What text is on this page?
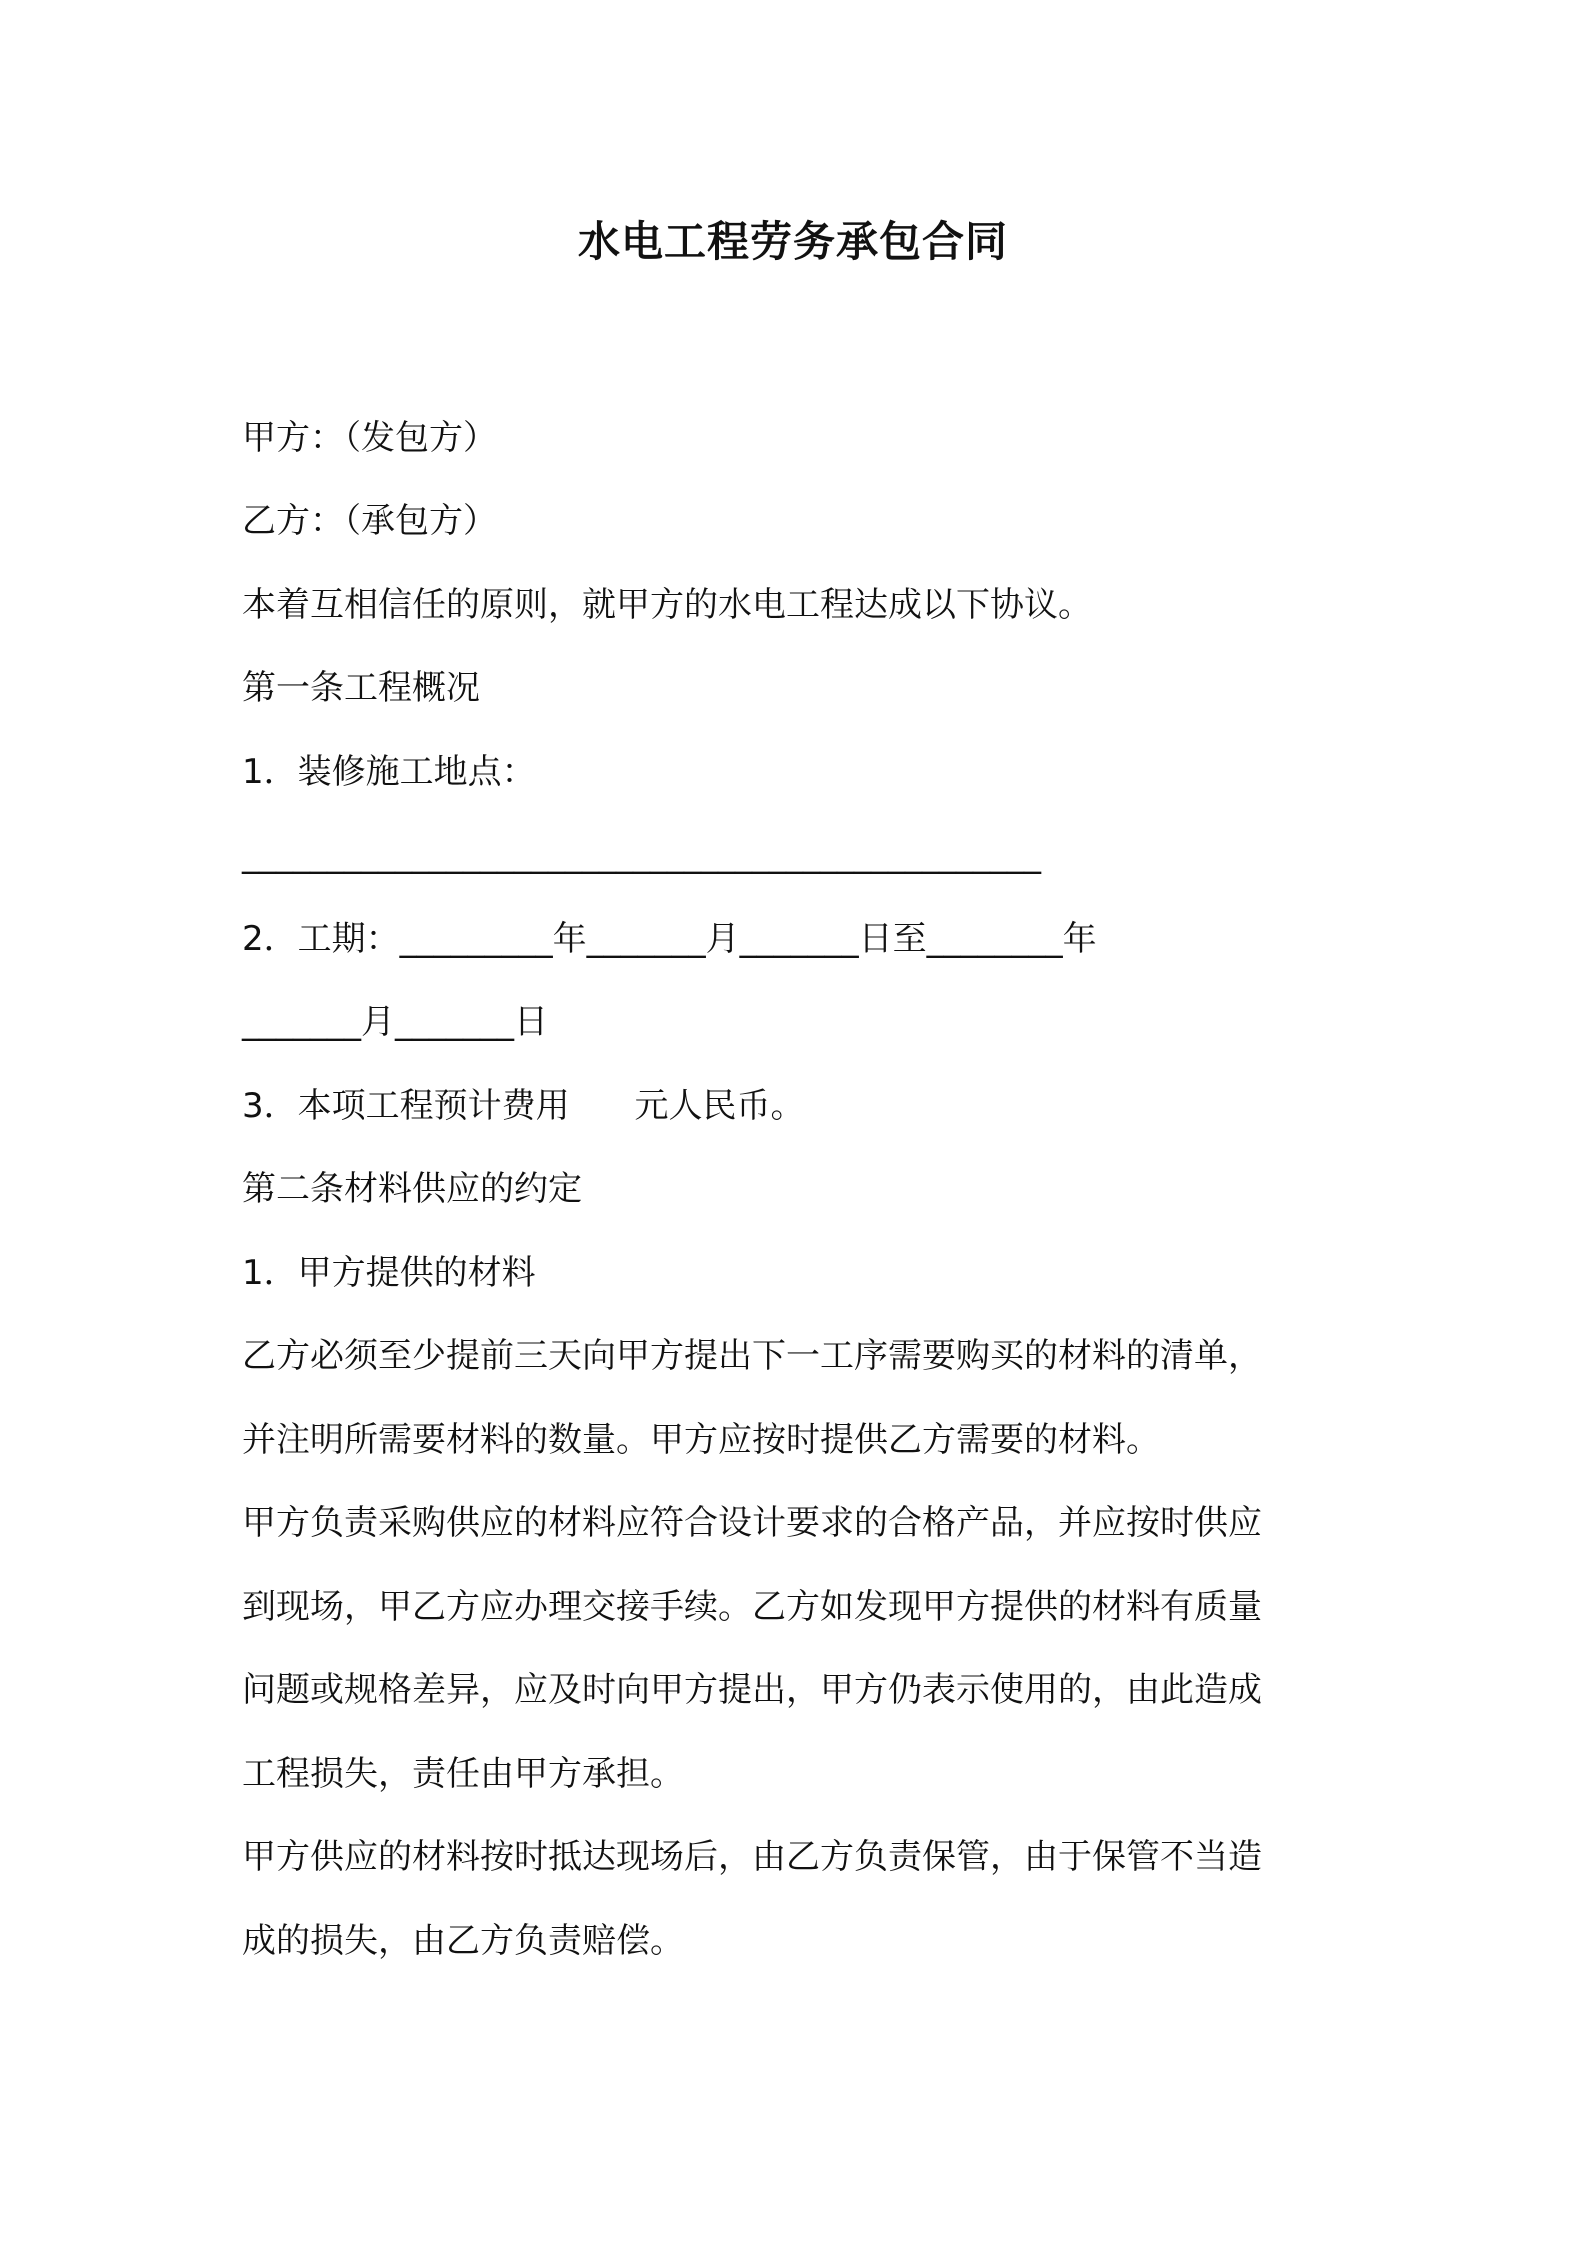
水电工程劳务承包合同

甲方：（发包方）

乙方：（承包方）

本着互相信任的原则，就甲方的水电工程达成以下协议。

第一条工程概况

1．装修施工地点：

_______________________________________________

2．工期：_________年_______月_______日至________年

_______月_______日

3．本项工程预计费用      元人民币。

第二条材料供应的约定

1．甲方提供的材料

乙方必须至少提前三天向甲方提出下一工序需要购买的材料的清单，

并注明所需要材料的数量。甲方应按时提供乙方需要的材料。

甲方负责采购供应的材料应符合设计要求的合格产品，并应按时供应

到现场，甲乙方应办理交接手续。乙方如发现甲方提供的材料有质量

问题或规格差异，应及时向甲方提出，甲方仍表示使用的，由此造成

工程损失，责任由甲方承担。

甲方供应的材料按时抵达现场后，由乙方负责保管，由于保管不当造

成的损失，由乙方负责赔偿。
